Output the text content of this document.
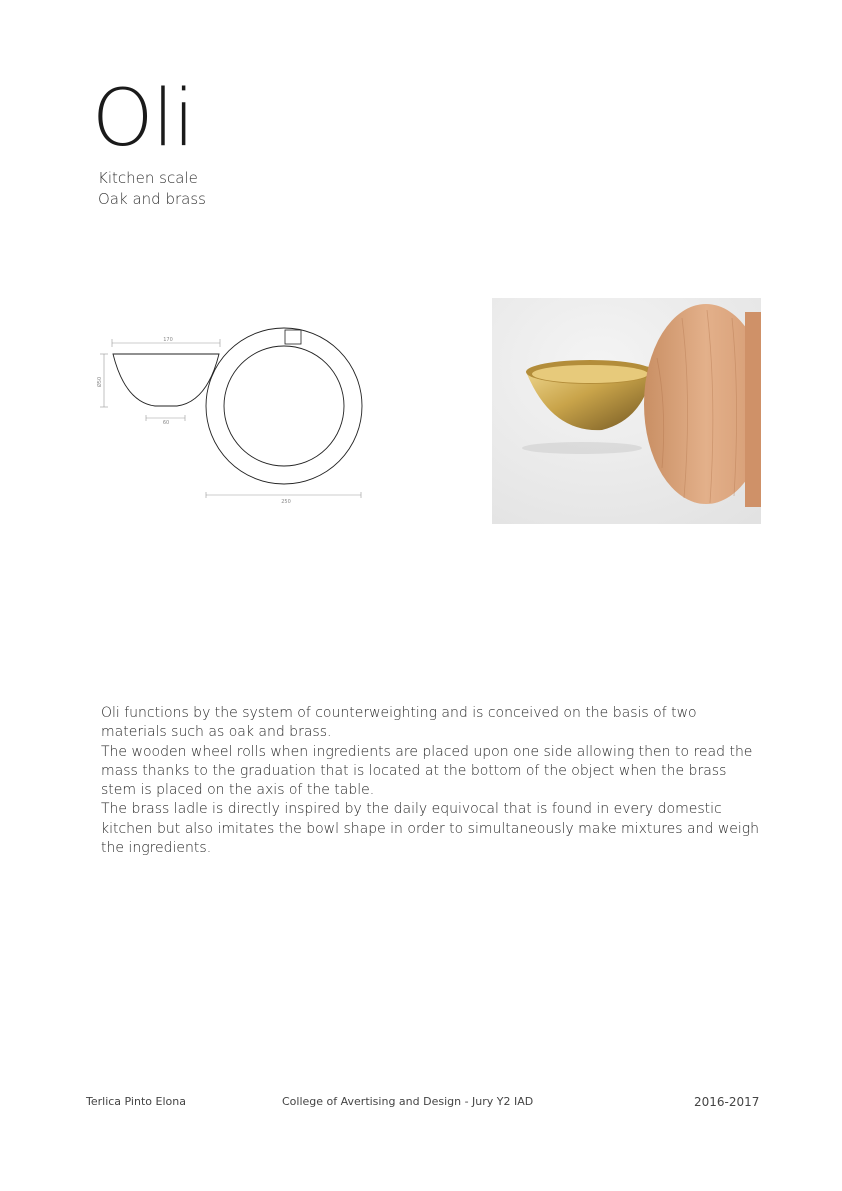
Oli
Kitchen scale
Oak and brass
170
Ø50
60
250

Oli functions by the system of counterweighting and is conceived on the basis of two materials such as oak and brass.

The wooden wheel rolls when ingredients are placed upon one side allowing then to read the mass thanks to the graduation that is located at the bottom of the object when the brass stem is placed on the axis of the table.

The brass ladle is directly inspired by the daily equivocal that is found in every domestic kitchen but also imitates the bowl shape in order to simultaneously make mixtures and weigh the ingredients.

Terlica Pinto Elona	College of Avertising and Design - Jury Y2 IAD	2016-2017
